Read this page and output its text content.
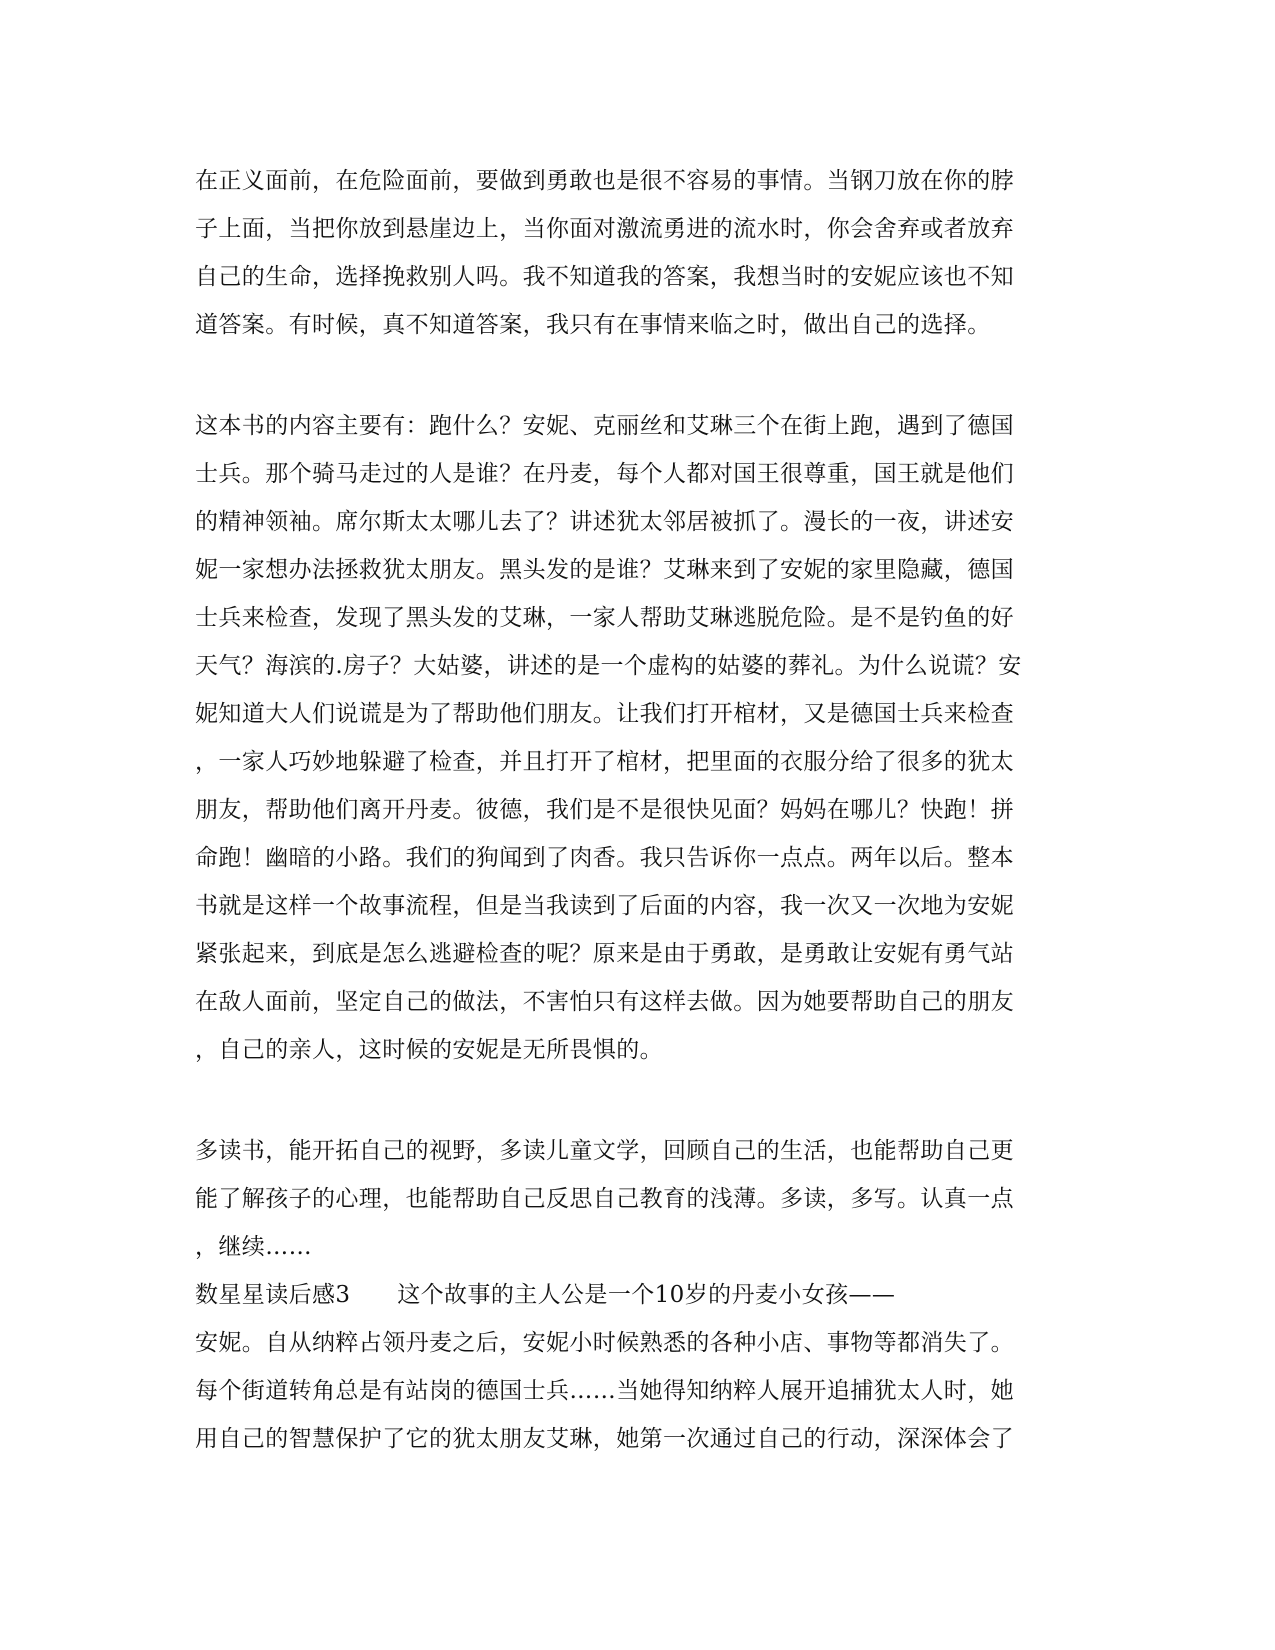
在正义面前，在危险面前，要做到勇敢也是很不容易的事情。当钢刀放在你的脖
子上面，当把你放到悬崖边上，当你面对激流勇进的流水时，你会舍弃或者放弃
自己的生命，选择挽救别人吗。我不知道我的答案，我想当时的安妮应该也不知
道答案。有时候，真不知道答案，我只有在事情来临之时，做出自己的选择。
这本书的内容主要有：跑什么？安妮、克丽丝和艾琳三个在街上跑，遇到了德国
士兵。那个骑马走过的人是谁？在丹麦，每个人都对国王很尊重，国王就是他们
的精神领袖。席尔斯太太哪儿去了？讲述犹太邻居被抓了。漫长的一夜，讲述安
妮一家想办法拯救犹太朋友。黑头发的是谁？艾琳来到了安妮的家里隐藏，德国
士兵来检查，发现了黑头发的艾琳，一家人帮助艾琳逃脱危险。是不是钓鱼的好
天气？海滨的.房子？大姑婆，讲述的是一个虚构的姑婆的葬礼。为什么说谎？安
妮知道大人们说谎是为了帮助他们朋友。让我们打开棺材，又是德国士兵来检查
，一家人巧妙地躲避了检查，并且打开了棺材，把里面的衣服分给了很多的犹太
朋友，帮助他们离开丹麦。彼德，我们是不是很快见面？妈妈在哪儿？快跑！拼
命跑！幽暗的小路。我们的狗闻到了肉香。我只告诉你一点点。两年以后。整本
书就是这样一个故事流程，但是当我读到了后面的内容，我一次又一次地为安妮
紧张起来，到底是怎么逃避检查的呢？原来是由于勇敢，是勇敢让安妮有勇气站
在敌人面前，坚定自己的做法，不害怕只有这样去做。因为她要帮助自己的朋友
，自己的亲人，这时候的安妮是无所畏惧的。
多读书，能开拓自己的视野，多读儿童文学，回顾自己的生活，也能帮助自己更
能了解孩子的心理，也能帮助自己反思自己教育的浅薄。多读，多写。认真一点
，继续……
数星星读后感3　　这个故事的主人公是一个10岁的丹麦小女孩——
安妮。自从纳粹占领丹麦之后，安妮小时候熟悉的各种小店、事物等都消失了。
每个街道转角总是有站岗的德国士兵……当她得知纳粹人展开追捕犹太人时，她
用自己的智慧保护了它的犹太朋友艾琳，她第一次通过自己的行动，深深体会了
